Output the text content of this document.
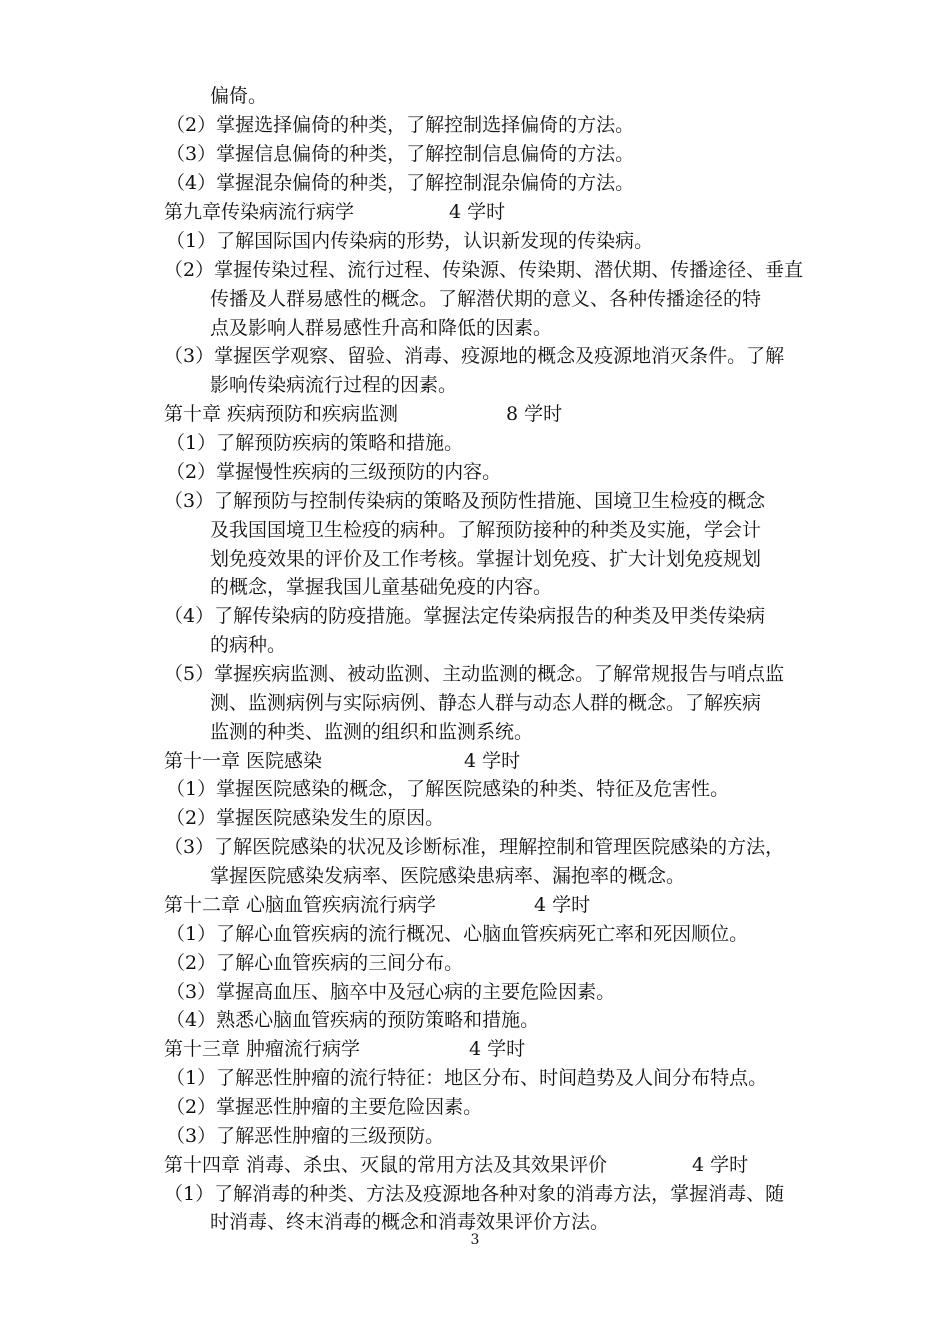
偏倚。
（2）掌握选择偏倚的种类，了解控制选择偏倚的方法。
（3）掌握信息偏倚的种类，了解控制信息偏倚的方法。
（4）掌握混杂偏倚的种类，了解控制混杂偏倚的方法。
第九章传染病流行病学	4 学时
（1）了解国际国内传染病的形势，认识新发现的传染病。
（2）掌握传染过程、流行过程、传染源、传染期、潜伏期、传播途径、垂直
传播及人群易感性的概念。了解潜伏期的意义、各种传播途径的特
点及影响人群易感性升高和降低的因素。
（3）掌握医学观察、留验、消毒、疫源地的概念及疫源地消灭条件。了解
影响传染病流行过程的因素。
第十章 疾病预防和疾病监测	8 学时
（1）了解预防疾病的策略和措施。
（2）掌握慢性疾病的三级预防的内容。
（3）了解预防与控制传染病的策略及预防性措施、国境卫生检疫的概念
及我国国境卫生检疫的病种。了解预防接种的种类及实施，学会计
划免疫效果的评价及工作考核。掌握计划免疫、扩大计划免疫规划
的概念，掌握我国儿童基础免疫的内容。
（4）了解传染病的防疫措施。掌握法定传染病报告的种类及甲类传染病
的病种。
（5）掌握疾病监测、被动监测、主动监测的概念。了解常规报告与哨点监
测、监测病例与实际病例、静态人群与动态人群的概念。了解疾病
监测的种类、监测的组织和监测系统。
第十一章 医院感染	4 学时
（1）掌握医院感染的概念，了解医院感染的种类、特征及危害性。
（2）掌握医院感染发生的原因。
（3）了解医院感染的状况及诊断标准，理解控制和管理医院感染的方法，
掌握医院感染发病率、医院感染患病率、漏抱率的概念。
第十二章 心脑血管疾病流行病学	4 学时
（1）了解心血管疾病的流行概况、心脑血管疾病死亡率和死因顺位。
（2）了解心血管疾病的三间分布。
（3）掌握高血压、脑卒中及冠心病的主要危险因素。
（4）熟悉心脑血管疾病的预防策略和措施。
第十三章 肿瘤流行病学	4 学时
（1）了解恶性肿瘤的流行特征：地区分布、时间趋势及人间分布特点。
（2）掌握恶性肿瘤的主要危险因素。
（3）了解恶性肿瘤的三级预防。
第十四章 消毒、杀虫、灭鼠的常用方法及其效果评价	4 学时
（1）了解消毒的种类、方法及疫源地各种对象的消毒方法，掌握消毒、随
时消毒、终末消毒的概念和消毒效果评价方法。
3
